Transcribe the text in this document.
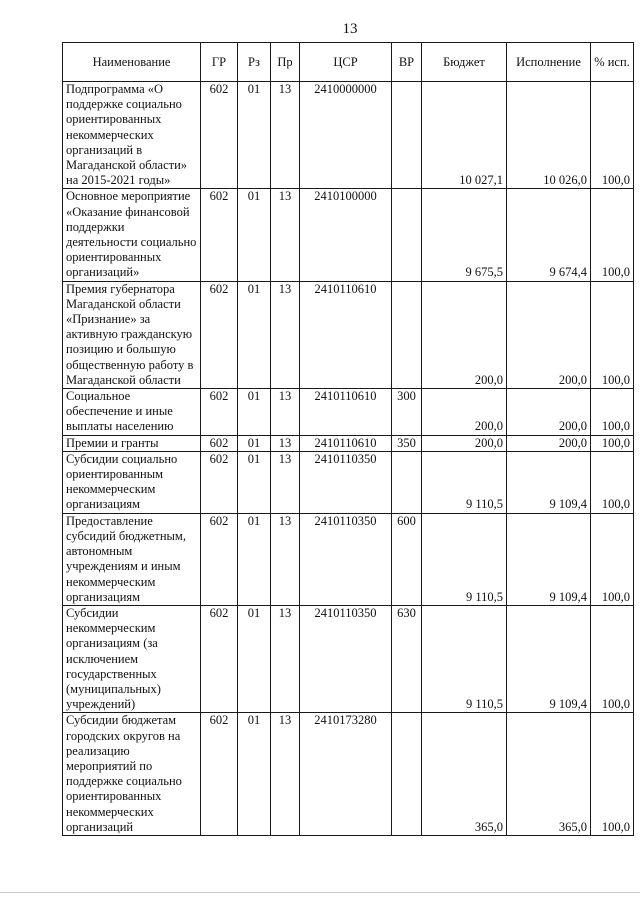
13
Наименование	ГР	Рз	Пр	ЦСР	ВР	Бюджет	Исполнение	% исп.
Подпрограмма «О поддержке социально ориентированных некоммерческих организаций в Магаданской области» на 2015-2021 годы»	602	01	13	2410000000		10 027,1	10 026,0	100,0
Основное мероприятие «Оказание финансовой поддержки деятельности социально ориентированных организаций»	602	01	13	2410100000		9 675,5	9 674,4	100,0
Премия губернатора Магаданской области «Признание» за активную гражданскую позицию и большую общественную работу в Магаданской области	602	01	13	2410110610		200,0	200,0	100,0
Социальное обеспечение и иные выплаты населению	602	01	13	2410110610	300	200,0	200,0	100,0
Премии и гранты	602	01	13	2410110610	350	200,0	200,0	100,0
Субсидии социально ориентированным некоммерческим организациям	602	01	13	2410110350		9 110,5	9 109,4	100,0
Предоставление субсидий бюджетным, автономным учреждениям и иным некоммерческим организациям	602	01	13	2410110350	600	9 110,5	9 109,4	100,0
Субсидии некоммерческим организациям (за исключением государственных (муниципальных) учреждений)	602	01	13	2410110350	630	9 110,5	9 109,4	100,0
Субсидии бюджетам городских округов на реализацию мероприятий по поддержке социально ориентированных некоммерческих организаций	602	01	13	2410173280		365,0	365,0	100,0
